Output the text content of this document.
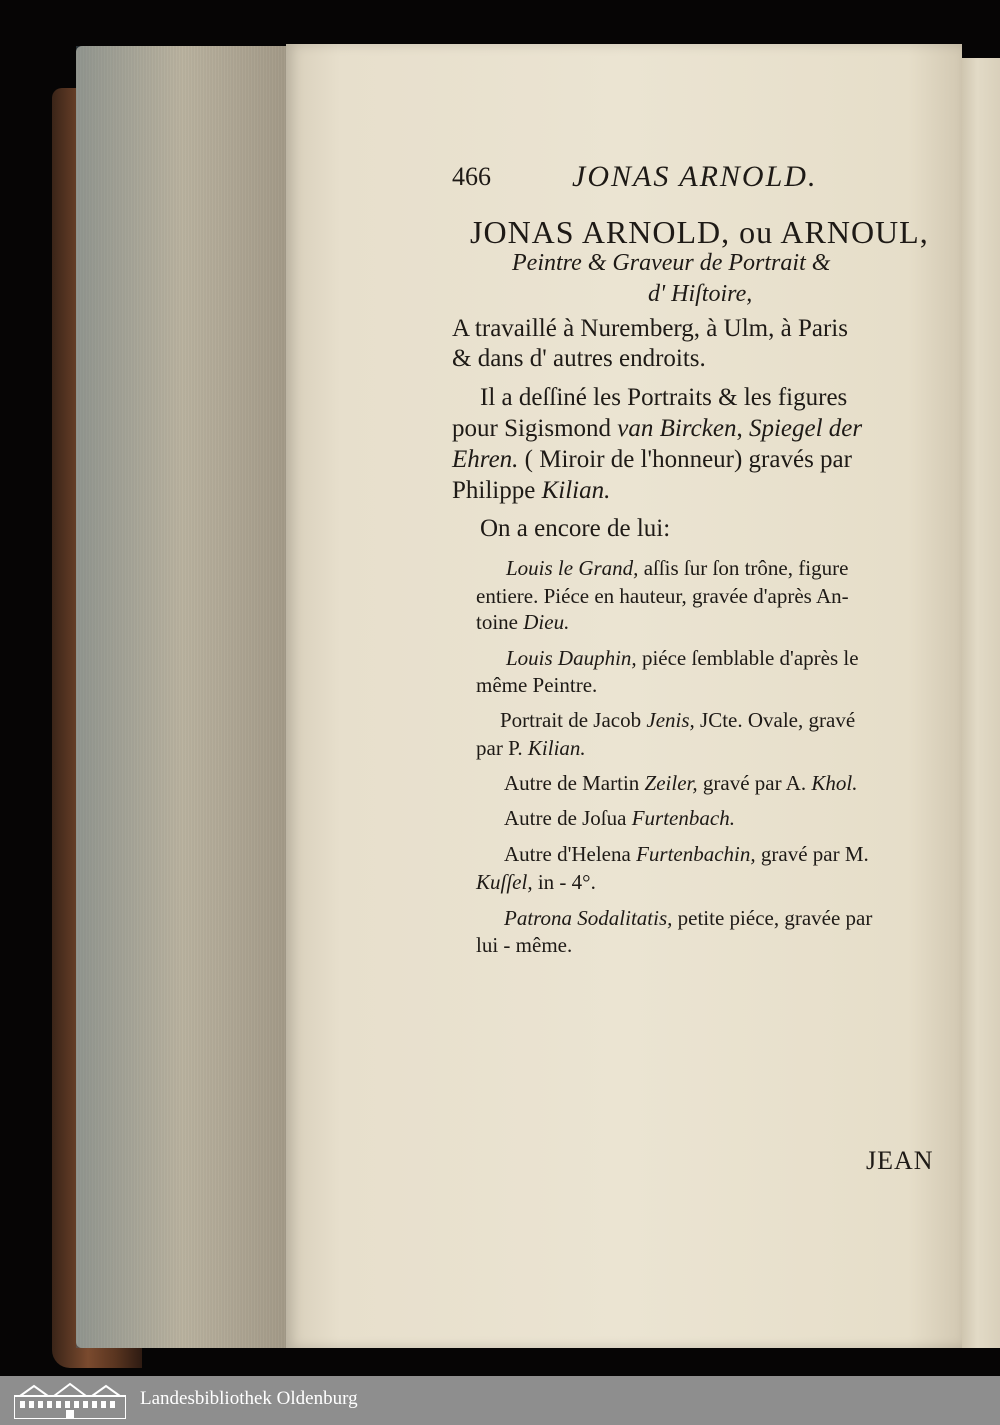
466	JONAS ARNOLD.
JONAS ARNOLD, ou ARNOUL,
Peintre & Graveur de Portrait &
d' Hiſtoire,
A travaillé à Nuremberg, à Ulm, à Paris
& dans d' autres endroits.
Il a deſſiné les Portraits & les figures
pour Sigismond van Bircken, Spiegel der
Ehren. ( Miroir de l'honneur) gravés par
Philippe Kilian.
On a encore de lui:
Louis le Grand, aſſis ſur ſon trône, figure
entiere. Piéce en hauteur, gravée d'après An-
toine Dieu.
Louis Dauphin, piéce ſemblable d'après le
même Peintre.
Portrait de Jacob Jenis, JCte. Ovale, gravé
par P. Kilian.
Autre de Martin Zeiler, gravé par A. Khol.
Autre de Joſua Furtenbach.
Autre d'Helena Furtenbachin, gravé par M.
Kuſſel, in - 4°.
Patrona Sodalitatis, petite piéce, gravée par
lui - même.
JEAN
Landesbibliothek Oldenburg
